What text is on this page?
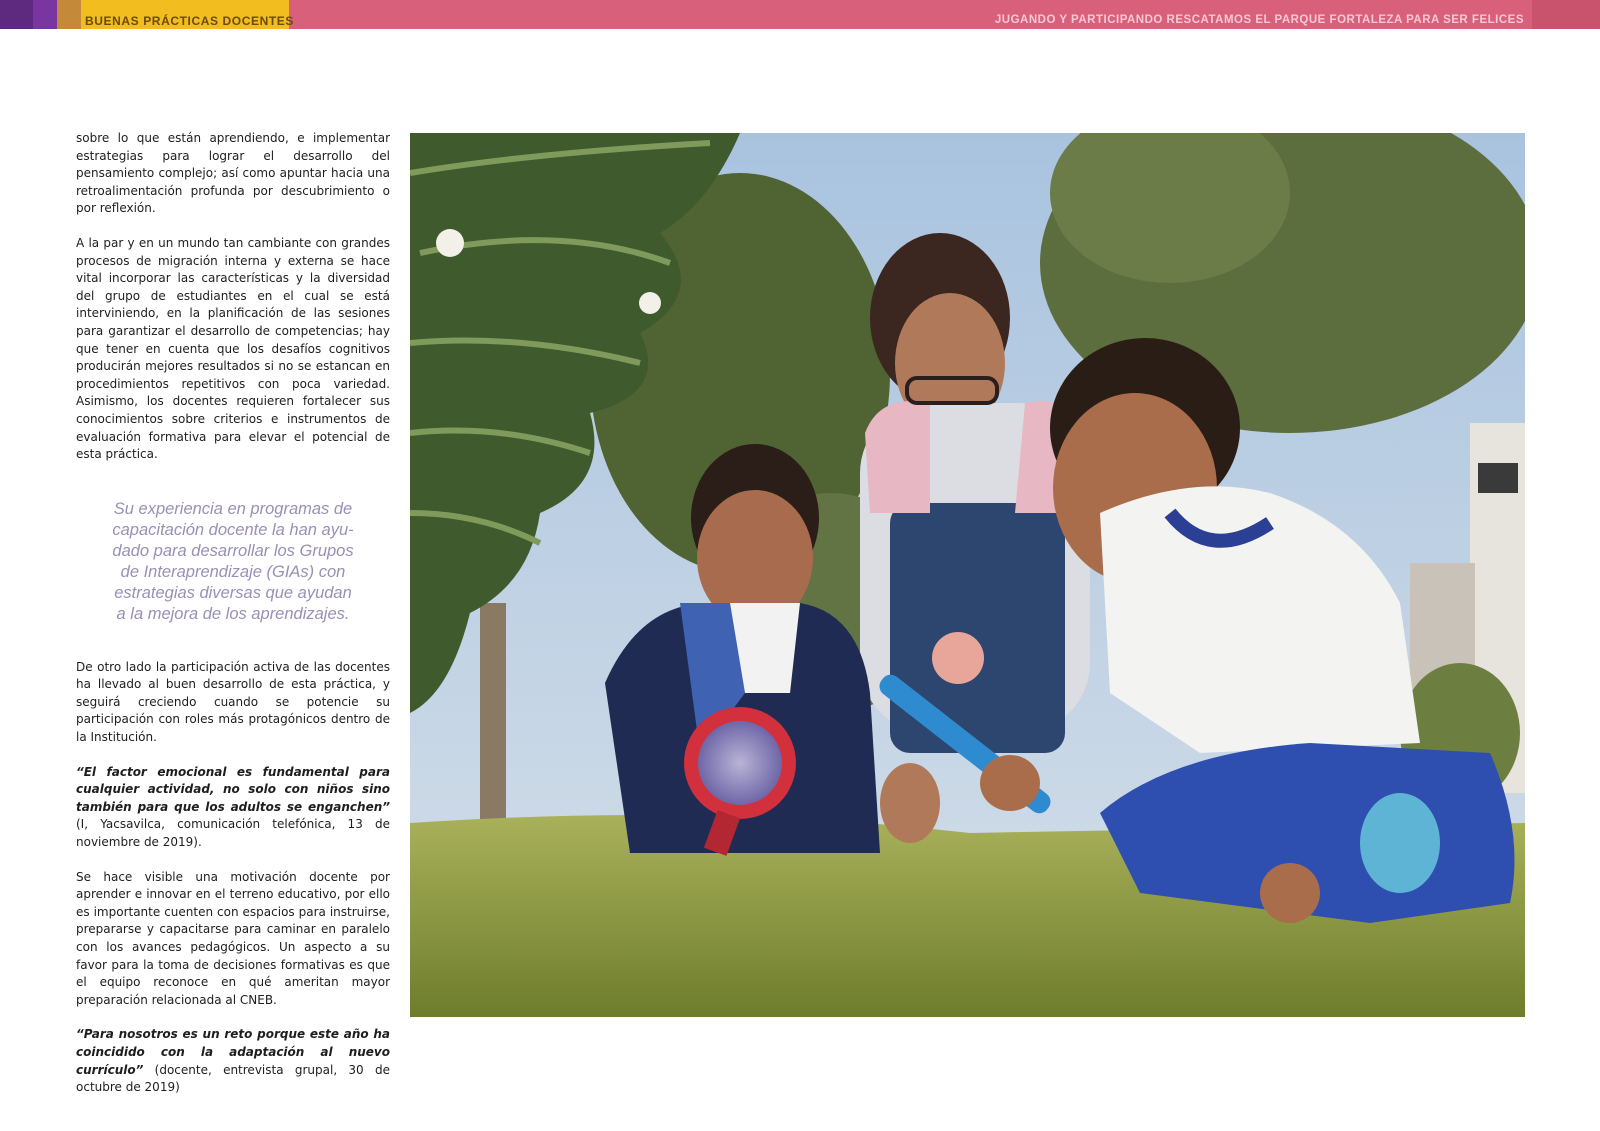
BUENAS PRÁCTICAS DOCENTES	JUGANDO Y PARTICIPANDO RESCATAMOS EL PARQUE FORTALEZA PARA SER FELICES

sobre lo que están aprendiendo, e implementar estrategias para lograr el desarrollo del pensamiento complejo; así como apuntar hacia una retroalimentación profunda por descubrimiento o por reflexión.

A la par y en un mundo tan cambiante con grandes procesos de migración interna y externa se hace vital incorporar las características y la diversidad del grupo de estudiantes en el cual se está interviniendo, en la planificación de las sesiones para garantizar el desarrollo de competencias; hay que tener en cuenta que los desafíos cognitivos producirán mejores resultados si no se estancan en procedimientos repetitivos con poca variedad. Asimismo, los docentes requieren fortalecer sus conocimientos sobre criterios e instrumentos de evaluación formativa para elevar el potencial de esta práctica.

Su experiencia en programas de
capacitación docente la han ayu-
dado para desarrollar los Grupos
de Interaprendizaje (GIAs) con
estrategias diversas que ayudan
a la mejora de los aprendizajes.

De otro lado la participación activa de las docentes ha llevado al buen desarrollo de esta práctica, y seguirá creciendo cuando se potencie su participación con roles más protagónicos dentro de la Institución.

“El factor emocional es fundamental para cualquier actividad, no solo con niños sino también para que los adultos se enganchen” (I, Yacsavilca, comunicación telefónica, 13 de noviembre de 2019).

Se hace visible una motivación docente por aprender e innovar en el terreno educativo, por ello es importante cuenten con espacios para instruirse, prepararse y capacitarse para caminar en paralelo con los avances pedagógicos. Un aspecto a su favor para la toma de decisiones formativas es que el equipo reconoce en qué ameritan mayor preparación relacionada al CNEB.

“Para nosotros es un reto porque este año ha coincidido con la adaptación al nuevo currículo” (docente, entrevista grupal, 30 de octubre de 2019)
